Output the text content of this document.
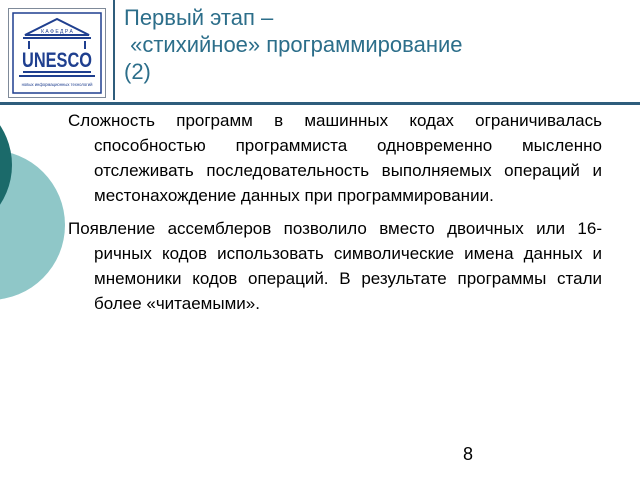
К А Ф Е Д Р А
UNESCO
новых информационных технологий
Первый этап –
«стихийное» программирование
(2)

Сложность программ в машинных кодах ограничивалась способностью программиста одновременно мысленно отслеживать последовательность выполняемых операций и местонахождение данных при программировании.

Появление ассемблеров позволило вместо двоичных или 16-ричных кодов использовать символические имена данных и мнемоники кодов операций. В результате программы стали более «читаемыми».

8
